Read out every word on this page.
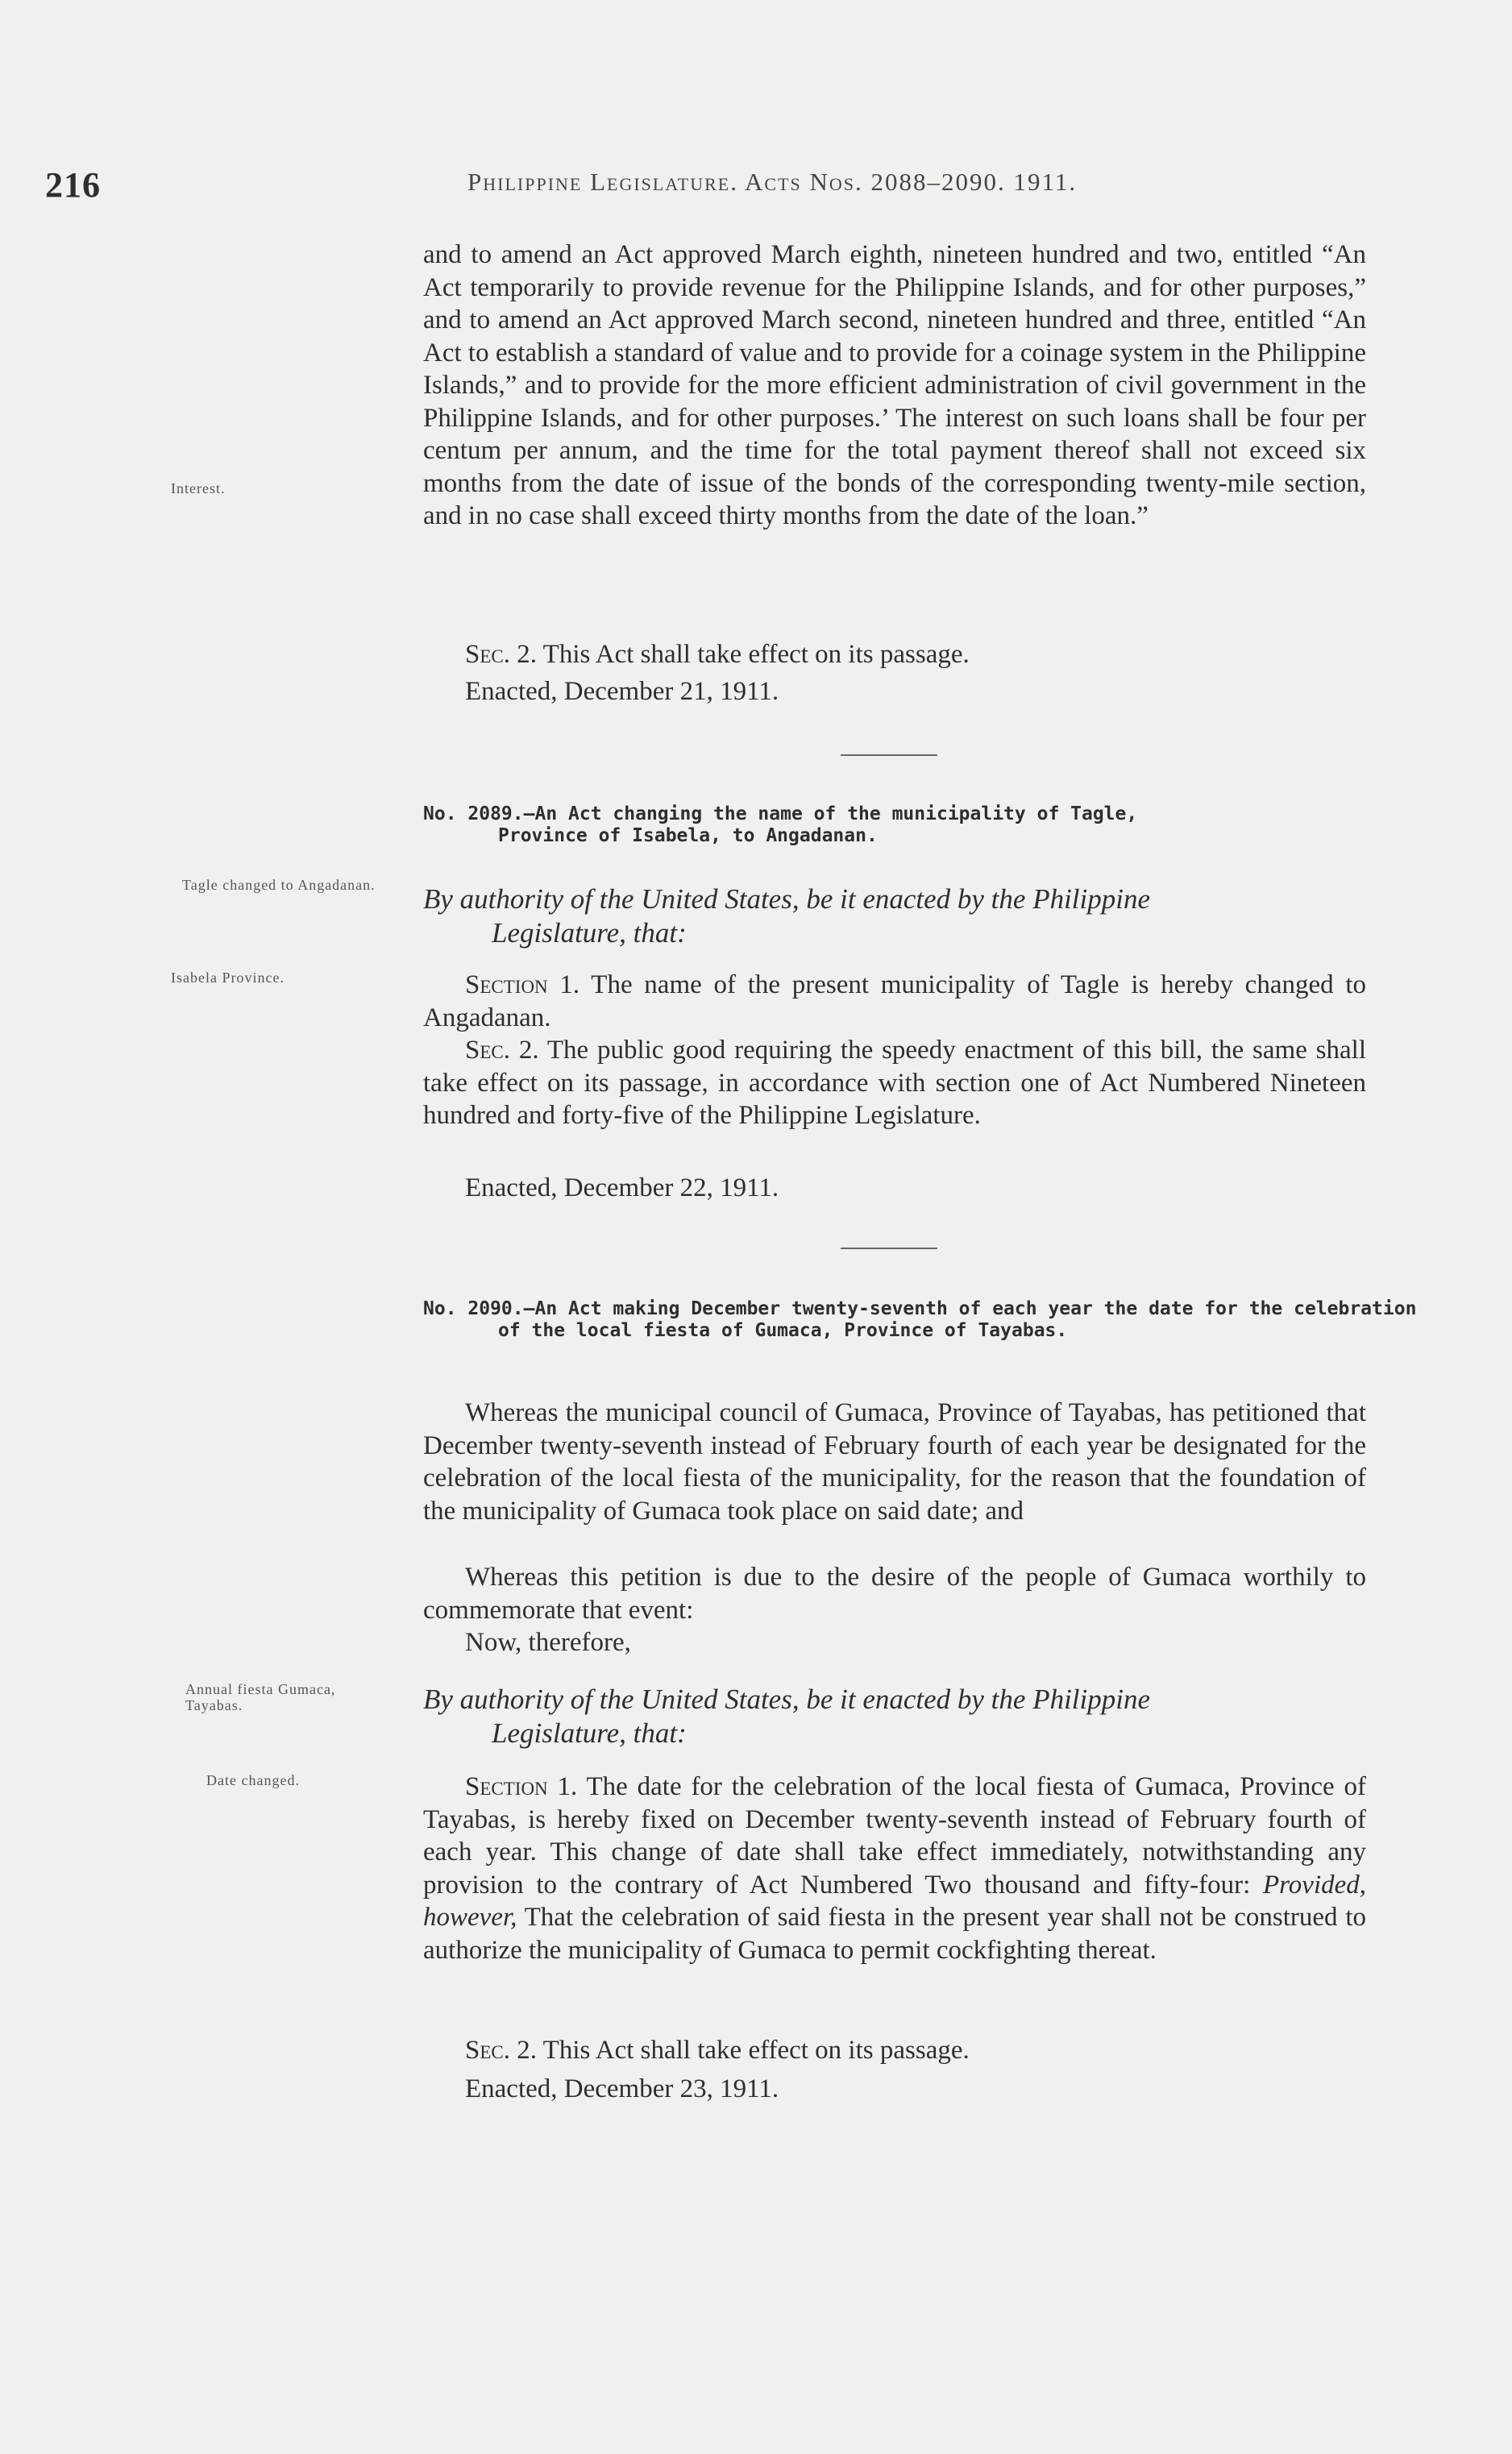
216	Philippine Legislature. Acts Nos. 2088–2090. 1911.
Interest.

and to amend an Act approved March eighth, nineteen hundred and two, entitled “An Act temporarily to provide revenue for the Philippine Islands, and for other purposes,” and to amend an Act approved March second, nineteen hundred and three, entitled “An Act to establish a standard of value and to provide for a coinage system in the Philippine Islands,” and to provide for the more efficient administration of civil government in the Philippine Islands, and for other purposes.’ The interest on such loans shall be four per centum per annum, and the time for the total payment thereof shall not exceed six months from the date of issue of the bonds of the corresponding twenty-mile section, and in no case shall exceed thirty months from the date of the loan.”

Sec. 2. This Act shall take effect on its passage.

Enacted, December 21, 1911.

No. 2089.—An Act changing the name of the municipality of Tagle,
Province of Isabela, to Angadanan.

Tagle changed to Angadanan.	By authority of the United States, be it enacted by the Philippine
Legislature, that:

Isabela Province.	Section 1. The name of the present municipality of Tagle is hereby changed to Angadanan.

Sec. 2. The public good requiring the speedy enactment of this bill, the same shall take effect on its passage, in accordance with section one of Act Numbered Nineteen hundred and forty-five of the Philippine Legislature.

Enacted, December 22, 1911.

No. 2090.—An Act making December twenty-seventh of each year the date for the celebration of the local fiesta of Gumaca, Province of Tayabas.

Whereas the municipal council of Gumaca, Province of Tayabas, has petitioned that December twenty-seventh instead of February fourth of each year be designated for the celebration of the local fiesta of the municipality, for the reason that the foundation of the municipality of Gumaca took place on said date; and

Whereas this petition is due to the desire of the people of Gumaca worthily to commemorate that event:

Now, therefore,

Annual fiesta Gumaca, Tayabas.	By authority of the United States, be it enacted by the Philippine
Legislature, that:

Date changed.	Section 1. The date for the celebration of the local fiesta of Gumaca, Province of Tayabas, is hereby fixed on December twenty-seventh instead of February fourth of each year. This change of date shall take effect immediately, notwithstanding any provision to the contrary of Act Numbered Two thousand and fifty-four: Provided, however, That the celebration of said fiesta in the present year shall not be construed to authorize the municipality of Gumaca to permit cockfighting thereat.

Sec. 2. This Act shall take effect on its passage.

Enacted, December 23, 1911.
